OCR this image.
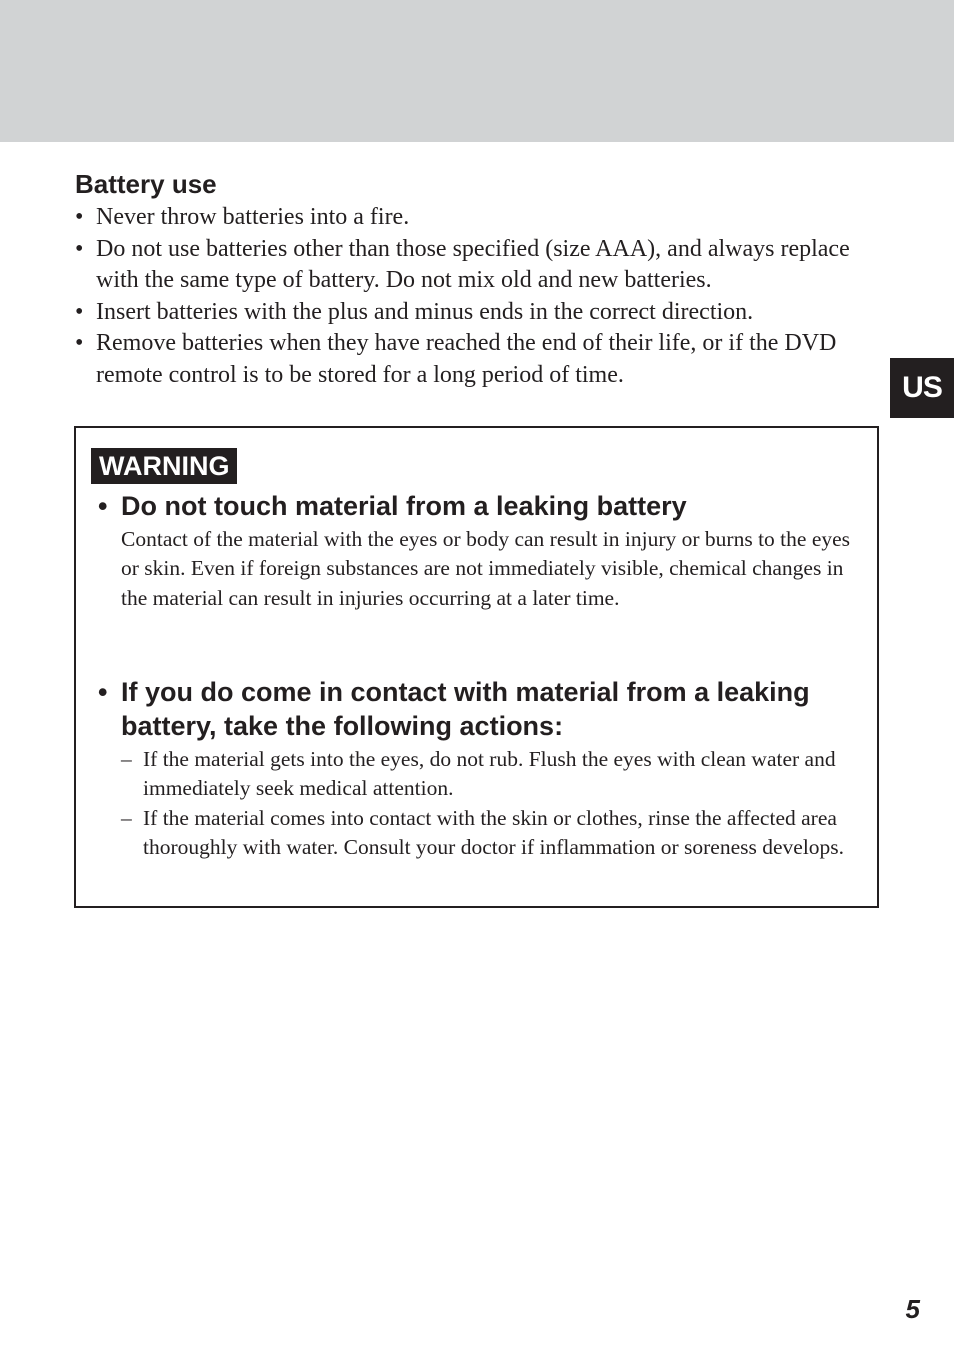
Battery use
• Never throw batteries into a fire.
• Do not use batteries other than those specified (size AAA), and always replace with the same type of battery. Do not mix old and new batteries.
• Insert batteries with the plus and minus ends in the correct direction.
• Remove batteries when they have reached the end of their life, or if the DVD remote control is to be stored for a long period of time.	US
WARNING
• Do not touch material from a leaking battery

Contact of the material with the eyes or body can result in injury or burns to the eyes or skin. Even if foreign substances are not immediately visible, chemical changes in the material can result in injuries occurring at a later time.

• If you do come in contact with material from a leaking battery, take the following actions:
– If the material gets into the eyes, do not rub. Flush the eyes with clean water and immediately seek medical attention.
– If the material comes into contact with the skin or clothes, rinse the affected area thoroughly with water. Consult your doctor if inflammation or soreness develops.
5
